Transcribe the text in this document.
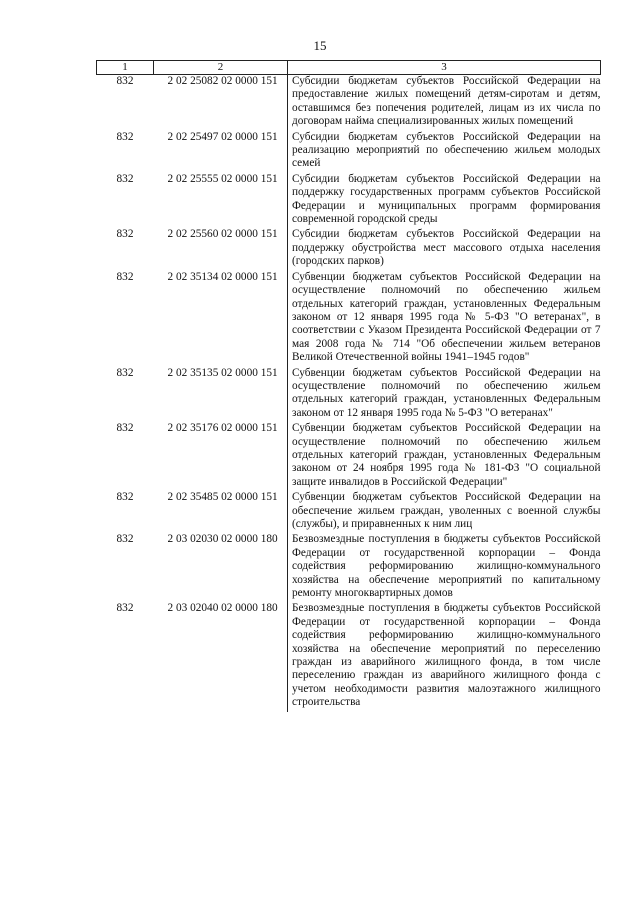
15
1	2	3
832	2 02 25082 02 0000 151	Субсидии бюджетам субъектов Российской Федерации на предоставление жилых помещений детям-сиротам и детям, оставшимся без попечения родителей, лицам из их числа по договорам найма специализированных жилых помещений
832	2 02 25497 02 0000 151	Субсидии бюджетам субъектов Российской Федерации на реализацию мероприятий по обеспечению жильем молодых семей
832	2 02 25555 02 0000 151	Субсидии бюджетам субъектов Российской Федерации на поддержку государственных программ субъектов Российской Федерации и муниципальных программ формирования современной городской среды
832	2 02 25560 02 0000 151	Субсидии бюджетам субъектов Российской Федерации на поддержку обустройства мест массового отдыха населения (городских парков)
832	2 02 35134 02 0000 151	Субвенции бюджетам субъектов Российской Федерации на осуществление полномочий по обеспечению жильем отдельных категорий граждан, установленных Федеральным законом от 12 января 1995 года № 5-ФЗ "О ветеранах", в соответствии с Указом Президента Российской Федерации от 7 мая 2008 года № 714 "Об обеспечении жильем ветеранов Великой Отечественной войны 1941–1945 годов"
832	2 02 35135 02 0000 151	Субвенции бюджетам субъектов Российской Федерации на осуществление полномочий по обеспечению жильем отдельных категорий граждан, установленных Федеральным законом от 12 января 1995 года № 5-ФЗ "О ветеранах"
832	2 02 35176 02 0000 151	Субвенции бюджетам субъектов Российской Федерации на осуществление полномочий по обеспечению жильем отдельных категорий граждан, установленных Федеральным законом от 24 ноября 1995 года № 181-ФЗ "О социальной защите инвалидов в Российской Федерации"
832	2 02 35485 02 0000 151	Субвенции бюджетам субъектов Российской Федерации на обеспечение жильем граждан, уволенных с военной службы (службы), и приравненных к ним лиц
832	2 03 02030 02 0000 180	Безвозмездные поступления в бюджеты субъектов Российской Федерации от государственной корпорации – Фонда содействия реформированию жилищно-коммунального хозяйства на обеспечение мероприятий по капитальному ремонту многоквартирных домов
832	2 03 02040 02 0000 180	Безвозмездные поступления в бюджеты субъектов Российской Федерации от государственной корпорации – Фонда содействия реформированию жилищно-коммунального хозяйства на обеспечение мероприятий по переселению граждан из аварийного жилищного фонда, в том числе переселению граждан из аварийного жилищного фонда с учетом необходимости развития малоэтажного жилищного строительства
